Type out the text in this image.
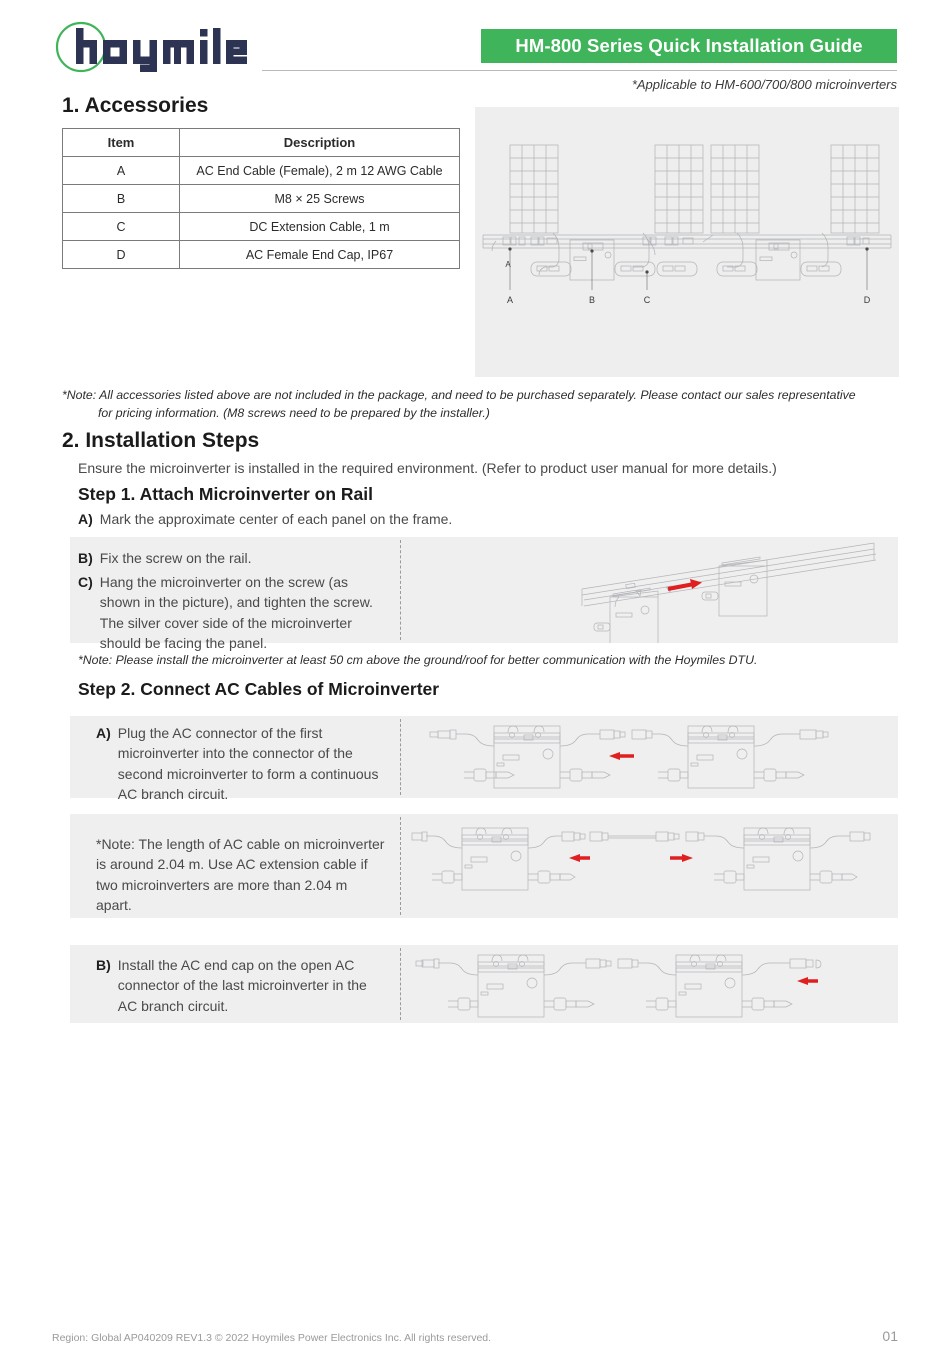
HM-800 Series Quick Installation Guide
*Applicable to HM-600/700/800 microinverters
1. Accessories
Item	Description
A	AC End Cable (Female), 2 m 12 AWG Cable
B	M8 × 25 Screws
C	DC Extension Cable, 1 m
D	AC Female End Cap, IP67
A	B	C	D
A
*Note: All accessories listed above are not included in the package, and need to be purchased separately. Please contact our sales representative
for pricing information. (M8 screws need to be prepared by the installer.)
2. Installation Steps
Ensure the microinverter is installed in the required environment. (Refer to product user manual for more details.)
Step 1. Attach Microinverter on Rail
A) Mark the approximate center of each panel on the frame.
B) Fix the screw on the rail.
C) Hang the microinverter on the screw (as shown in the picture), and tighten the screw. The silver cover side of the microinverter should be facing the panel.
*Note: Please install the microinverter at least 50 cm above the ground/roof for better communication with the Hoymiles DTU.
Step 2. Connect AC Cables of Microinverter
A) Plug the AC connector of the first microinverter into the connector of the second microinverter to form a continuous AC branch circuit.
*Note: The length of AC cable on microinverter is around 2.04 m. Use AC extension cable if two microinverters are more than 2.04 m apart.
B) Install the AC end cap on the open AC connector of the last microinverter in the AC branch circuit.
Region: Global AP040209 REV1.3 © 2022 Hoymiles Power Electronics Inc. All rights reserved.	01
